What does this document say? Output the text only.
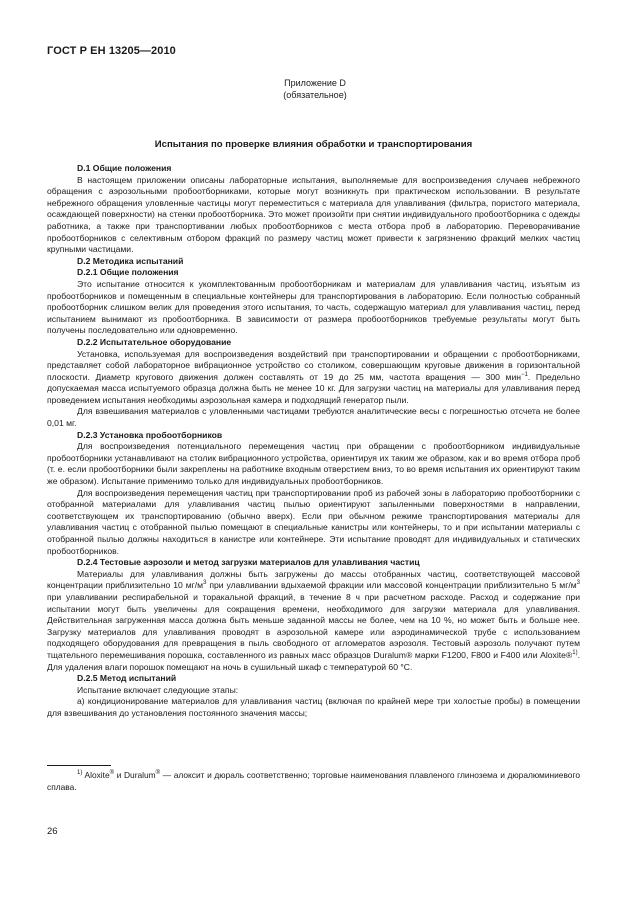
ГОСТ Р ЕН 13205—2010
Приложение D
(обязательное)
Испытания по проверке влияния обработки и транспортирования
D.1 Общие положения
В настоящем приложении описаны лабораторные испытания, выполняемые для воспроизведения случаев небрежного обращения с аэрозольными пробоотборниками, которые могут возникнуть при практическом использовании. В результате небрежного обращения уловленные частицы могут переместиться с материала для улавливания (фильтра, пористого материала, осаждающей поверхности) на стенки пробоотборника. Это может произойти при снятии индивидуального пробоотборника с одежды работника, а также при транспортивании любых пробоотборников с места отбора проб в лабораторию. Переворачивание пробоотборников с селективным отбором фракций по размеру частиц может привести к загрязнению фракций мелких частиц крупными частицами.
D.2 Методика испытаний
D.2.1 Общие положения
Это испытание относится к укомплектованным пробоотборникам и материалам для улавливания частиц, изъятым из пробоотборников и помещенным в специальные контейнеры для транспортирования в лабораторию. Если полностью собранный пробоотборник слишком велик для проведения этого испытания, то часть, содержащую материал для улавливания частиц, перед испытанием вынимают из пробоотборника. В зависимости от размера пробоотборников требуемые результаты могут быть получены последовательно или одновременно.
D.2.2 Испытательное оборудование
Установка, используемая для воспроизведения воздействий при транспортировании и обращении с пробоотборниками, представляет собой лабораторное вибрационное устройство со столиком, совершающим круговые движения в горизонтальной плоскости. Диаметр кругового движения должен составлять от 19 до 25 мм, частота вращения — 300 мин$^{-1}$. Предельно допускаемая масса испытуемого образца должна быть не менее 10 кг. Для загрузки частиц на материалы для улавливания перед проведением испытания необходимы аэрозольная камера и подходящий генератор пыли.
Для взвешивания материалов с уловленными частицами требуются аналитические весы с погрешностью отсчета не более 0,01 мг.
D.2.3 Установка пробоотборников
Для воспроизведения потенциального перемещения частиц при обращении с пробоотборником индивидуальные пробоотборники устанавливают на столик вибрационного устройства, ориентируя их таким же образом, как и во время отбора проб (т. е. если пробоотборники были закреплены на работнике входным отверстием вниз, то во время испытания их ориентируют таким же образом). Испытание применимо только для индивидуальных пробоотборников.
Для воспроизведения перемещения частиц при транспортировании проб из рабочей зоны в лабораторию пробоотборники с отобранной материалами для улавливания частиц пылью ориентируют запыленными поверхностями в направлении, соответствующем их транспортированию (обычно вверх). Если при обычном режиме транспортирования материалы для улавливания частиц с отобранной пылью помещают в специальные канистры или контейнеры, то и при испытании материалы с отобранной пылью должны находиться в канистре или контейнере. Эти испытание проводят для индивидуальных и статических пробоотборников.
D.2.4 Тестовые аэрозоли и метод загрузки материалов для улавливания частиц
Материалы для улавливания должны быть загружены до массы отобранных частиц, соответствующей массовой концентрации приблизительно 10 $мг/м^3$ при улавливании вдыхаемой фракции или массовой концентрации приблизительно 5 $мг/м^3$ при улавливании респирабельной и торакальной фракций, в течение 8 ч при расчетном расходе. Расход и содержание при испытании могут быть увеличены для сокращения времени, необходимого для загрузки материала для улавливания. Действительная загруженная масса должна быть меньше заданной массы не более, чем на 10 %, но может быть и больше нее. Загрузку материалов для улавливания проводят в аэрозольной камере или аэродинамической трубе с использованием подходящего оборудования для превращения в пыль свободного от агломератов аэрозоля. Тестовый аэрозоль получают путем тщательного перемешивания порошка, составленного из равных масс образцов Duralum® марки F1200, F800 и F400 или Aloxite®$^{1)}$. Для удаления влаги порошок помещают на ночь в сушильный шкаф с температурой 60 °C.
D.2.5 Метод испытаний
Испытание включает следующие этапы:
а) кондиционирование материалов для улавливания частиц (включая по крайней мере три холостые пробы) в помещении для взвешивания до установления постоянного значения массы;
$^{1)}$ Alоxite® и Duralum® — алоксит и дюраль соответственно; торговые наименования плавленого глинозема и дюралюминиевого сплава.
26
